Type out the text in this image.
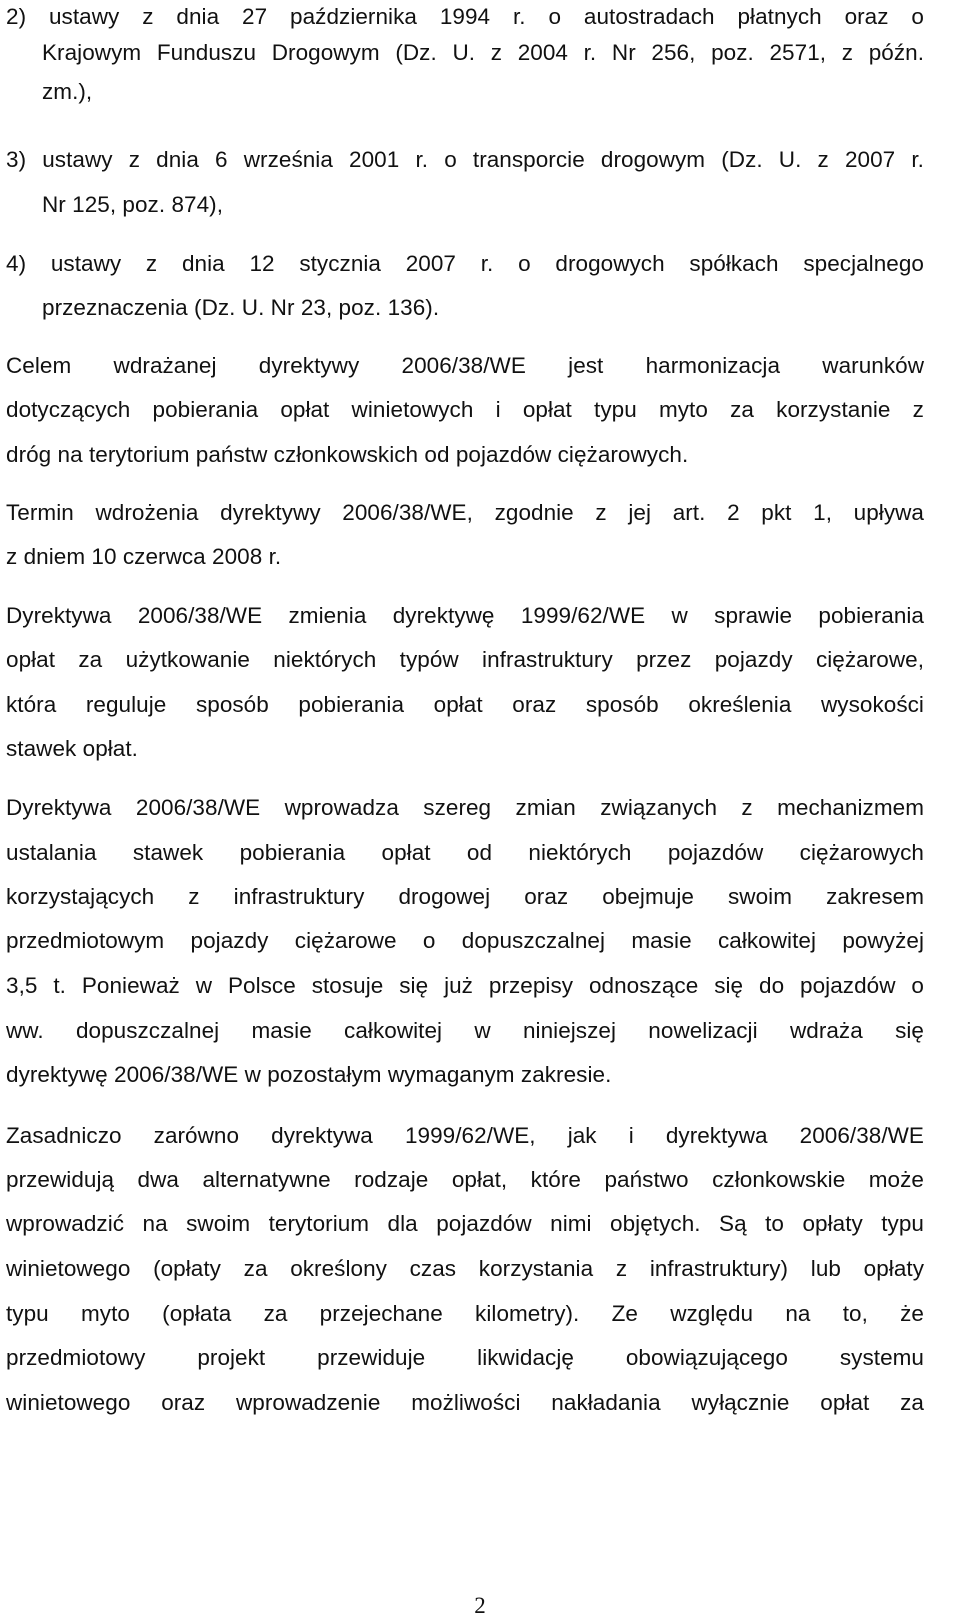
2) ustawy z dnia 27 października 1994 r. o autostradach płatnych oraz o
Krajowym Funduszu Drogowym (Dz. U. z 2004 r. Nr 256, poz. 2571, z późn.
zm.),
3) ustawy z dnia 6 września 2001 r. o transporcie drogowym (Dz. U. z 2007 r.
Nr 125, poz. 874),
4) ustawy z dnia 12 stycznia 2007 r. o drogowych spółkach specjalnego
przeznaczenia (Dz. U. Nr 23, poz. 136).
Celem wdrażanej dyrektywy 2006/38/WE jest harmonizacja warunków
dotyczących pobierania opłat winietowych i opłat typu myto za korzystanie z
dróg na terytorium państw członkowskich od pojazdów ciężarowych.
Termin wdrożenia dyrektywy 2006/38/WE, zgodnie z jej art. 2 pkt 1, upływa
z dniem 10 czerwca 2008 r.
Dyrektywa 2006/38/WE zmienia dyrektywę 1999/62/WE w sprawie pobierania
opłat za użytkowanie niektórych typów infrastruktury przez pojazdy ciężarowe,
która reguluje sposób pobierania opłat oraz sposób określenia wysokości
stawek opłat.
Dyrektywa 2006/38/WE wprowadza szereg zmian związanych z mechanizmem
ustalania stawek pobierania opłat od niektórych pojazdów ciężarowych
korzystających z infrastruktury drogowej oraz obejmuje swoim zakresem
przedmiotowym pojazdy ciężarowe o dopuszczalnej masie całkowitej powyżej
3,5 t. Ponieważ w Polsce stosuje się już przepisy odnoszące się do pojazdów o
ww. dopuszczalnej masie całkowitej w niniejszej nowelizacji wdraża się
dyrektywę 2006/38/WE w pozostałym wymaganym zakresie.
Zasadniczo zarówno dyrektywa 1999/62/WE, jak i dyrektywa 2006/38/WE
przewidują dwa alternatywne rodzaje opłat, które państwo członkowskie może
wprowadzić na swoim terytorium dla pojazdów nimi objętych. Są to opłaty typu
winietowego (opłaty za określony czas korzystania z infrastruktury) lub opłaty
typu myto (opłata za przejechane kilometry). Ze względu na to, że
przedmiotowy projekt przewiduje likwidację obowiązującego systemu
winietowego oraz wprowadzenie możliwości nakładania wyłącznie opłat za
2
